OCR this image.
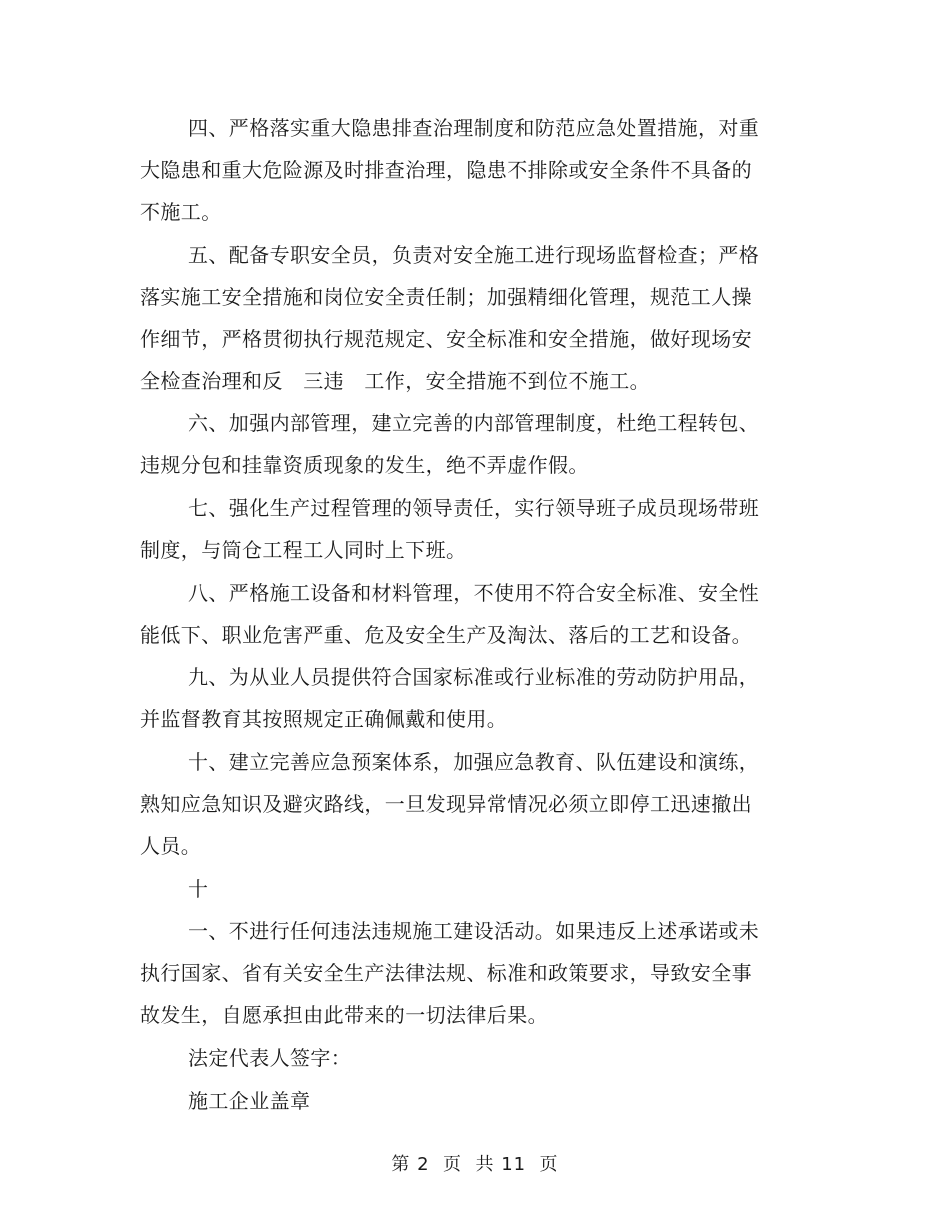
四、严格落实重大隐患排查治理制度和防范应急处置措施，对重
大隐患和重大危险源及时排查治理，隐患不排除或安全条件不具备的
不施工。
五、配备专职安全员，负责对安全施工进行现场监督检查；严格
落实施工安全措施和岗位安全责任制；加强精细化管理，规范工人操
作细节，严格贯彻执行规范规定、安全标准和安全措施，做好现场安
全检查治理和反　三违　工作，安全措施不到位不施工。
六、加强内部管理，建立完善的内部管理制度，杜绝工程转包、
违规分包和挂靠资质现象的发生，绝不弄虚作假。
七、强化生产过程管理的领导责任，实行领导班子成员现场带班
制度，与筒仓工程工人同时上下班。
八、严格施工设备和材料管理，不使用不符合安全标准、安全性
能低下、职业危害严重、危及安全生产及淘汰、落后的工艺和设备。
九、为从业人员提供符合国家标准或行业标准的劳动防护用品，
并监督教育其按照规定正确佩戴和使用。
十、建立完善应急预案体系，加强应急教育、队伍建设和演练，
熟知应急知识及避灾路线，一旦发现异常情况必须立即停工迅速撤出
人员。
十
一、不进行任何违法违规施工建设活动。如果违反上述承诺或未
执行国家、省有关安全生产法律法规、标准和政策要求，导致安全事
故发生，自愿承担由此带来的一切法律后果。
法定代表人签字：
施工企业盖章
第 2  页  共 11  页
